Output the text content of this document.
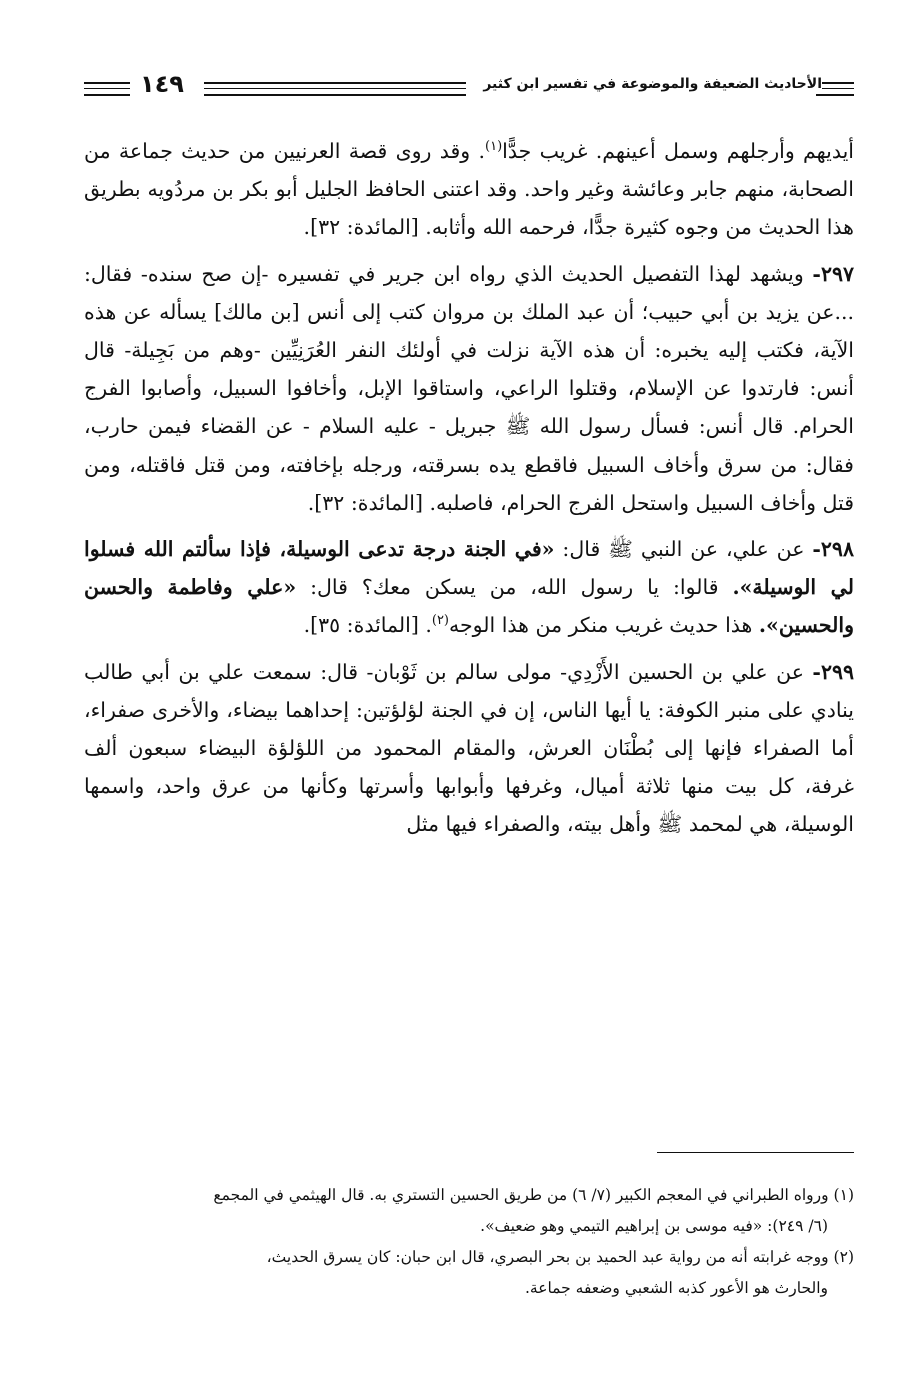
الأحاديث الضعيفة والموضوعة في تفسير ابن كثير
١٤٩

أيديهم وأرجلهم وسمل أعينهم. غريب جدًّا$^{(١)}$. وقد روى قصة العرنيين من حديث جماعة من الصحابة، منهم جابر وعائشة وغير واحد. وقد اعتنى الحافظ الجليل أبو بكر بن مردُويه بطريق هذا الحديث من وجوه كثيرة جدًّا، فرحمه الله وأثابه. [المائدة: ٣٢].

٢٩٧- ويشهد لهذا التفصيل الحديث الذي رواه ابن جرير في تفسيره -إن صح سنده- فقال: ...عن يزيد بن أبي حبيب؛ أن عبد الملك بن مروان كتب إلى أنس [بن مالك] يسأله عن هذه الآية، فكتب إليه يخبره: أن هذه الآية نزلت في أولئك النفر العُرَنِيِّين -وهم من بَجِيلة- قال أنس: فارتدوا عن الإسلام، وقتلوا الراعي، واستاقوا الإبل، وأخافوا السبيل، وأصابوا الفرج الحرام. قال أنس: فسأل رسول الله ﷺ جبريل - عليه السلام - عن القضاء فيمن حارب، فقال: من سرق وأخاف السبيل فاقطع يده بسرقته، ورجله بإخافته، ومن قتل فاقتله، ومن قتل وأخاف السبيل واستحل الفرج الحرام، فاصلبه. [المائدة: ٣٢].

٢٩٨- عن علي، عن النبي ﷺ قال: «في الجنة درجة تدعى الوسيلة، فإذا سألتم الله فسلوا لي الوسيلة». قالوا: يا رسول الله، من يسكن معك؟ قال: «علي وفاطمة والحسن والحسين». هذا حديث غريب منكر من هذا الوجه$^{(٢)}$. [المائدة: ٣٥].

٢٩٩- عن علي بن الحسين الأَزْدِي- مولى سالم بن ثَوْبان- قال: سمعت علي بن أبي طالب ينادي على منبر الكوفة: يا أيها الناس، إن في الجنة لؤلؤتين: إحداهما بيضاء، والأخرى صفراء، أما الصفراء فإنها إلى بُطْنَان العرش، والمقام المحمود من اللؤلؤة البيضاء سبعون ألف غرفة، كل بيت منها ثلاثة أميال، وغرفها وأبوابها وأسرتها وكأنها من عرق واحد، واسمها الوسيلة، هي لمحمد ﷺ وأهل بيته، والصفراء فيها مثل

(١) ورواه الطبراني في المعجم الكبير (٧/ ٦) من طريق الحسين التستري به. قال الهيثمي في المجمع

(٦/ ٢٤٩): «فيه موسى بن إبراهيم التيمي وهو ضعيف».

(٢) ووجه غرابته أنه من رواية عبد الحميد بن بحر البصري، قال ابن حبان: كان يسرق الحديث،

والحارث هو الأعور كذبه الشعبي وضعفه جماعة.
